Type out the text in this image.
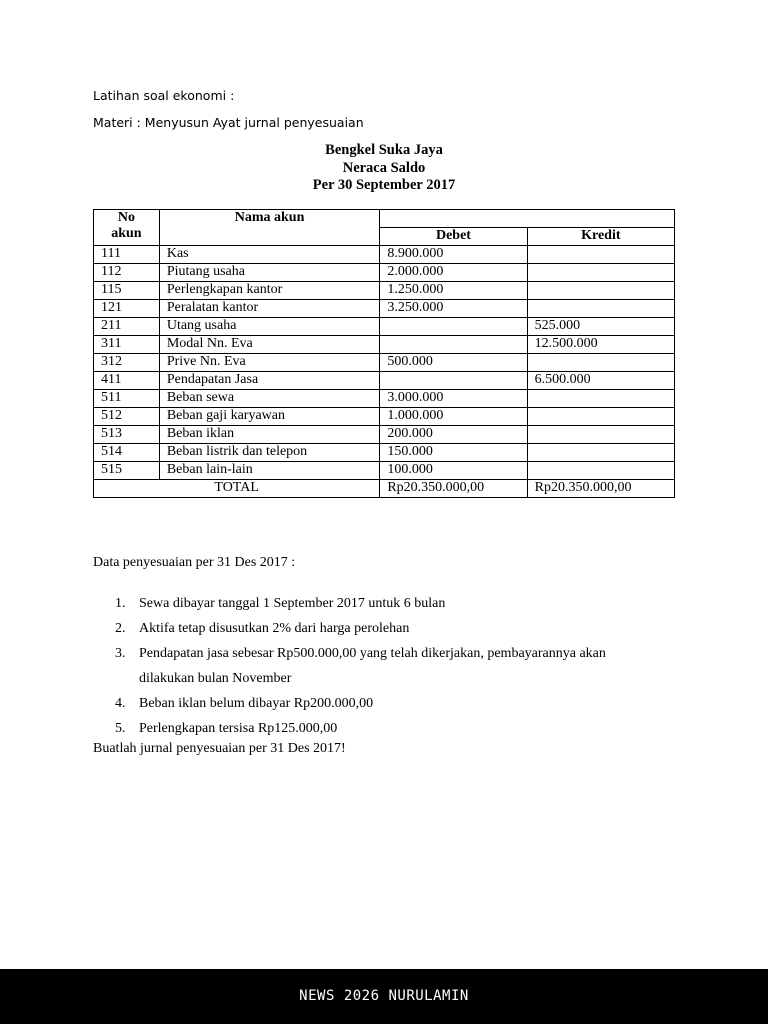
Latihan soal ekonomi :
Materi : Menyusun Ayat jurnal penyesuaian
Bengkel Suka Jaya
Neraca Saldo
Per 30 September 2017
No
akun	Nama akun		
		Debet	Kredit
111	Kas	8.900.000	
112	Piutang usaha	2.000.000	
115	Perlengkapan kantor	1.250.000	
121	Peralatan kantor	3.250.000	
211	Utang usaha		525.000
311	Modal Nn. Eva		12.500.000
312	Prive Nn. Eva	500.000	
411	Pendapatan Jasa		6.500.000
511	Beban sewa	3.000.000	
512	Beban gaji karyawan	1.000.000	
513	Beban iklan	200.000	
514	Beban listrik dan telepon	150.000	
515	Beban lain-lain	100.000	
TOTAL		Rp20.350.000,00	Rp20.350.000,00
Data penyesuaian per 31 Des 2017 :
1. Sewa dibayar tanggal 1 September 2017 untuk 6 bulan
2. Aktifa tetap disusutkan 2% dari harga perolehan
3. Pendapatan jasa sebesar Rp500.000,00 yang telah dikerjakan, pembayarannya akan
dilakukan bulan November
4. Beban iklan belum dibayar Rp200.000,00
5. Perlengkapan tersisa Rp125.000,00
Buatlah jurnal penyesuaian per 31 Des 2017!
NEWS 2026 NURULAMIN
